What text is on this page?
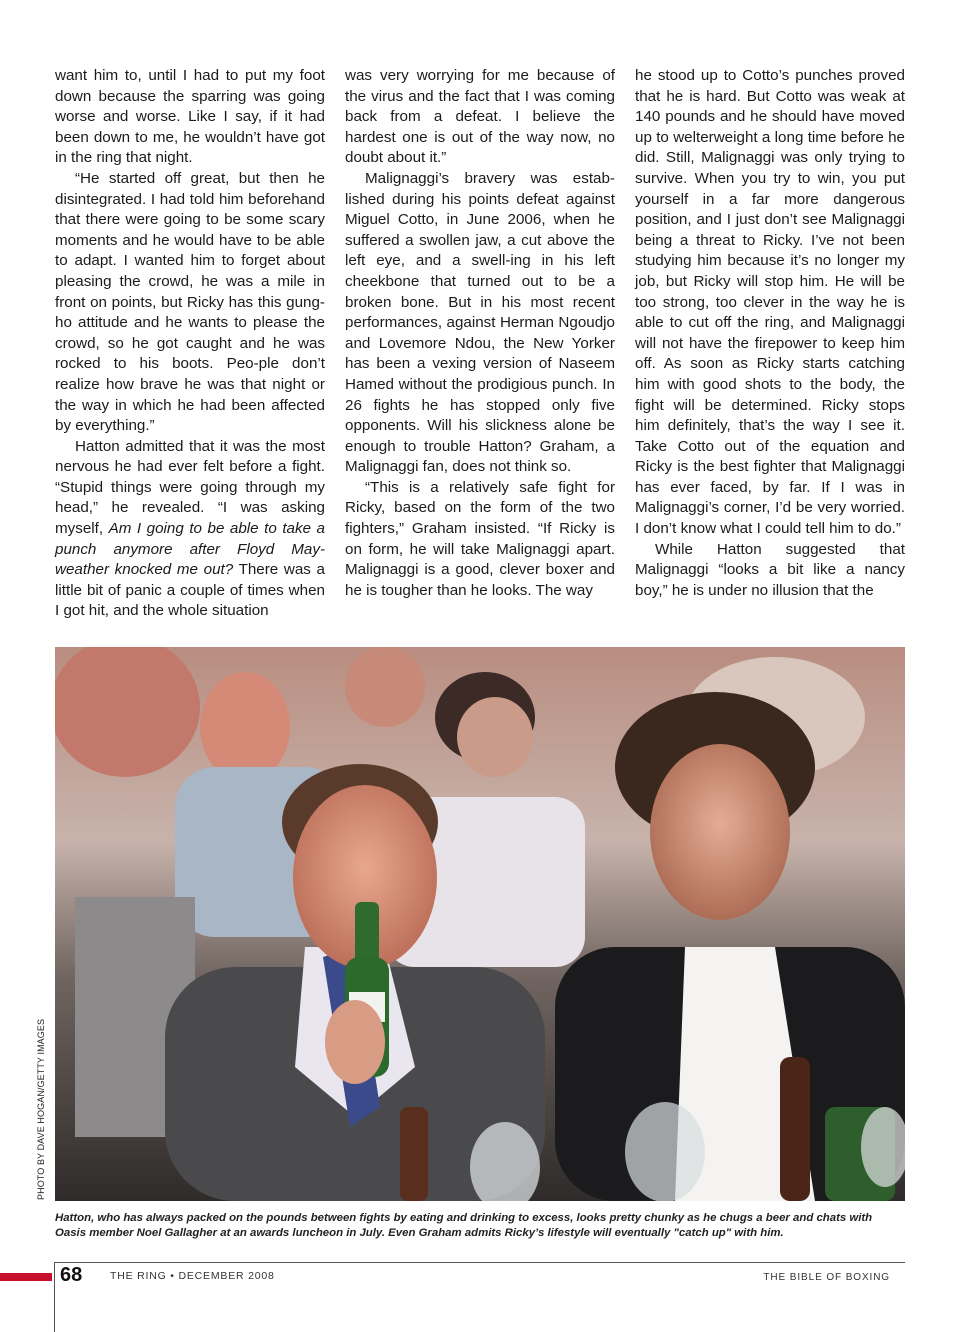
want him to, until I had to put my foot down because the sparring was going worse and worse. Like I say, if it had been down to me, he wouldn’t have got in the ring that night.

“He started off great, but then he disintegrated. I had told him beforehand that there were going to be some scary moments and he would have to be able to adapt. I wanted him to forget about pleasing the crowd, he was a mile in front on points, but Ricky has this gung-ho attitude and he wants to please the crowd, so he got caught and he was rocked to his boots. Peo-ple don’t realize how brave he was that night or the way in which he had been affected by everything.”

Hatton admitted that it was the most nervous he had ever felt before a fight. “Stupid things were going through my head,” he revealed. “I was asking myself, Am I going to be able to take a punch anymore after Floyd May-weather knocked me out? There was a little bit of panic a couple of times when I got hit, and the whole situation

was very worrying for me because of the virus and the fact that I was coming back from a defeat. I believe the hardest one is out of the way now, no doubt about it.”

Malignaggi’s bravery was estab-lished during his points defeat against Miguel Cotto, in June 2006, when he suffered a swollen jaw, a cut above the left eye, and a swell-ing in his left cheekbone that turned out to be a broken bone. But in his most recent performances, against Herman Ngoudjo and Lovemore Ndou, the New Yorker has been a vexing version of Naseem Hamed without the prodigious punch. In 26 fights he has stopped only five opponents. Will his slickness alone be enough to trouble Hatton? Graham, a Malignaggi fan, does not think so.

“This is a relatively safe fight for Ricky, based on the form of the two fighters,” Graham insisted. “If Ricky is on form, he will take Malignaggi apart. Malignaggi is a good, clever boxer and he is tougher than he looks. The way

he stood up to Cotto’s punches proved that he is hard. But Cotto was weak at 140 pounds and he should have moved up to welterweight a long time before he did. Still, Malignaggi was only trying to survive. When you try to win, you put yourself in a far more dangerous position, and I just don’t see Malignaggi being a threat to Ricky. I’ve not been studying him because it’s no longer my job, but Ricky will stop him. He will be too strong, too clever in the way he is able to cut off the ring, and Malignaggi will not have the firepower to keep him off. As soon as Ricky starts catching him with good shots to the body, the fight will be determined. Ricky stops him definitely, that’s the way I see it. Take Cotto out of the equation and Ricky is the best fighter that Malignaggi has ever faced, by far. If I was in Malignaggi’s corner, I’d be very worried. I don’t know what I could tell him to do.”

While Hatton suggested that Malignaggi “looks a bit like a nancy boy,” he is under no illusion that the

PHOTO BY DAVE HOGAN/GETTY IMAGES
Hatton, who has always packed on the pounds between fights by eating and drinking to excess, looks pretty chunky as he chugs a beer and chats with Oasis member Noel Gallagher at an awards luncheon in July. Even Graham admits Ricky’s lifestyle will eventually "catch up" with him.
68	THE RING • DECEMBER 2008	THE BIBLE OF BOXING
